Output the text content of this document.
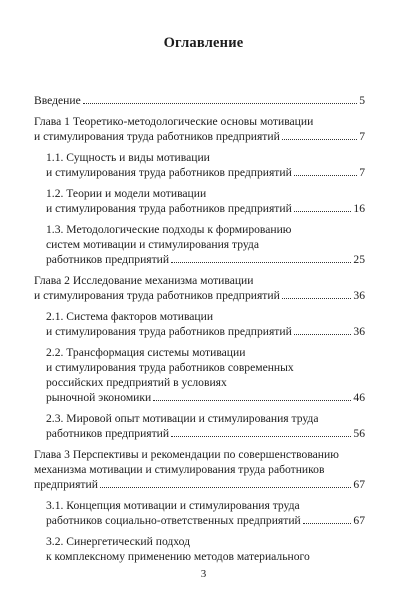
Оглавление
Введение	5
Глава 1 Теоретико-методологические основы мотивации
и стимулирования труда работников предприятий	7
1.1. Сущность и виды мотивации
и стимулирования труда работников предприятий	7
1.2. Теории и модели мотивации
и стимулирования труда работников предприятий	16
1.3. Методологические подходы к формированию
систем мотивации и стимулирования труда
работников предприятий	25
Глава 2 Исследование механизма мотивации
и стимулирования труда работников предприятий	36
2.1. Система факторов мотивации
и стимулирования труда работников предприятий	36
2.2. Трансформация системы мотивации
и стимулирования труда работников современных
российских предприятий в условиях
рыночной экономики	46
2.3. Мировой опыт мотивации и стимулирования труда
работников предприятий	56
Глава 3 Перспективы и рекомендации по совершенствованию
механизма мотивации и стимулирования труда работников
предприятий	67
3.1. Концепция мотивации и стимулирования труда
работников социально-ответственных предприятий	67
3.2. Синергетический подход
к комплексному применению методов материального
3
